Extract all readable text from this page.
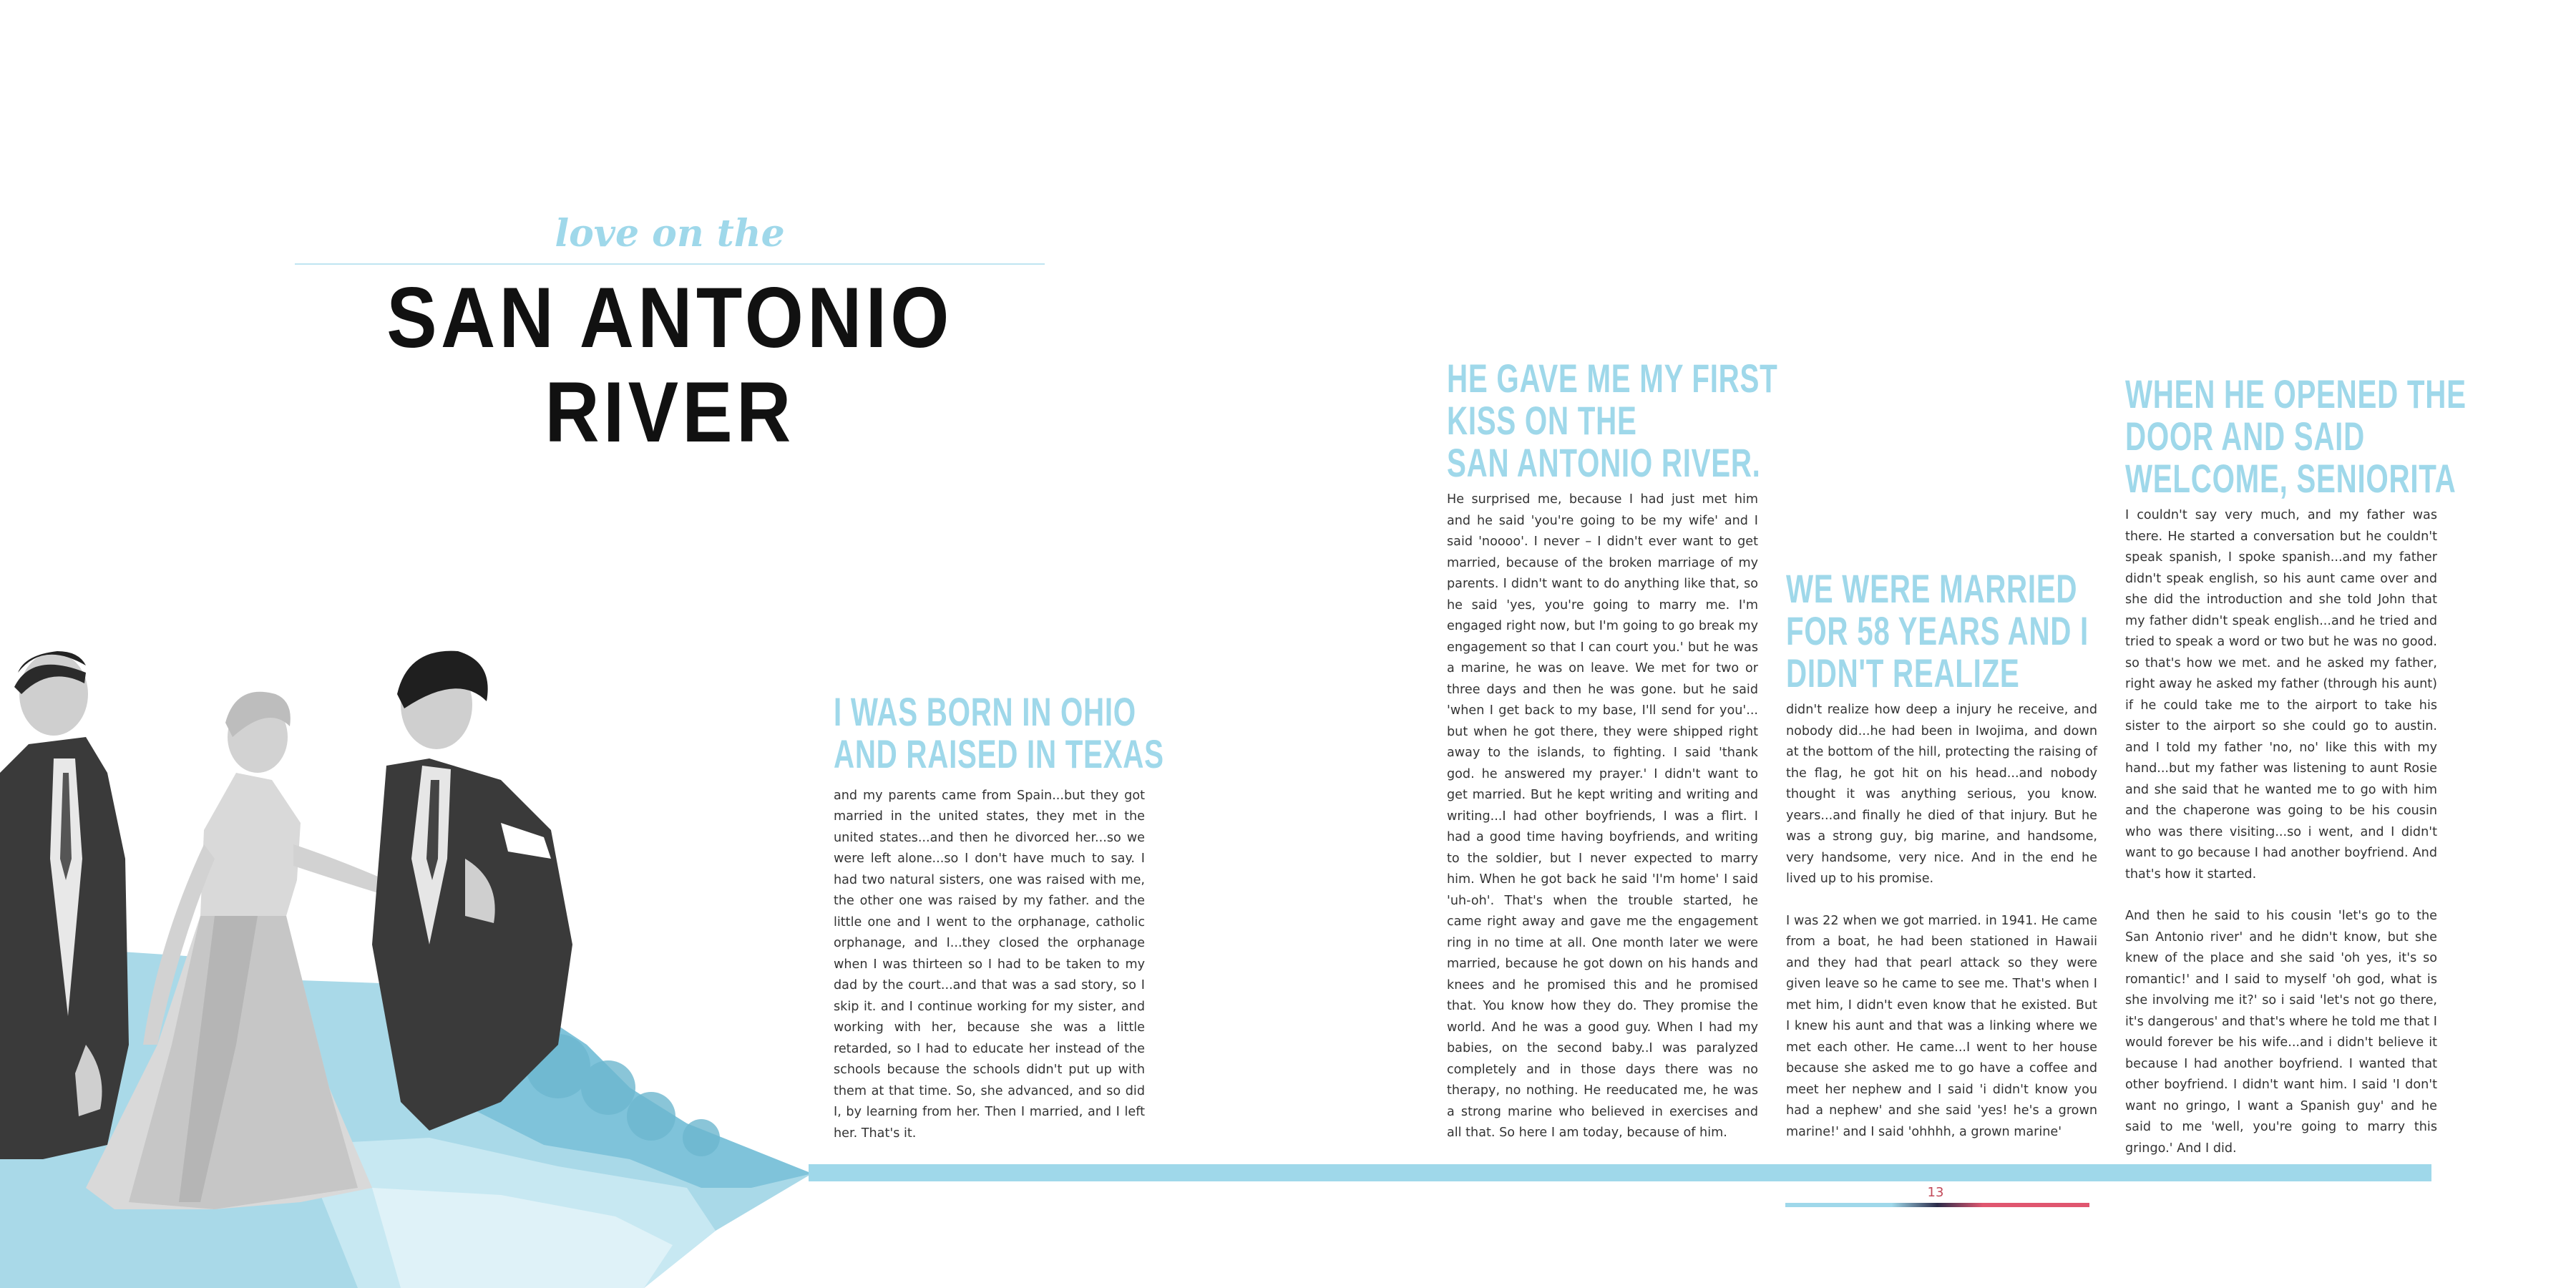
love on the
SAN ANTONIO RIVER
I WAS BORN IN OHIO
AND RAISED IN TEXAS

and my parents came from Spain...but they got married in the united states, they met in the united states...and then he divorced her...so we were left alone...so I don't have much to say. I had two natural sisters, one was raised with me, the other one was raised by my father. and the little one and I went to the orphanage, catholic orphanage, and I...they closed the orphanage when I was thirteen so I had to be taken to my dad by the court...and that was a sad story, so I skip it. and I continue working for my sister, and working with her, because she was a little retarded, so I had to educate her instead of the schools because the schools didn't put up with them at that time. So, she advanced, and so did I, by learning from her. Then I married, and I left her. That's it.

HE GAVE ME MY FIRST
KISS ON THE
SAN ANTONIO RIVER.

He surprised me, because I had just met him and he said 'you're going to be my wife' and I said 'noooo'. I never – I didn't ever want to get married, because of the broken marriage of my parents. I didn't want to do anything like that, so he said 'yes, you're going to marry me. I'm engaged right now, but I'm going to go break my engagement so that I can court you.' but he was a marine, he was on leave. We met for two or three days and then he was gone. but he said 'when I get back to my base, I'll send for you'... but when he got there, they were shipped right away to the islands, to fighting. I said 'thank god. he answered my prayer.' I didn't want to get married. But he kept writing and writing and writing...I had other boyfriends, I was a flirt. I had a good time having boyfriends, and writing to the soldier, but I never expected to marry him. When he got back he said 'I'm home' I said 'uh-oh'. That's when the trouble started, he came right away and gave me the engagement ring in no time at all. One month later we were married, because he got down on his hands and knees and he promised this and he promised that. You know how they do. They promise the world. And he was a good guy. When I had my babies, on the second baby..I was paralyzed completely and in those days there was no therapy, no nothing. He reeducated me, he was a strong marine who believed in exercises and all that. So here I am today, because of him.

WE WERE MARRIED
FOR 58 YEARS AND I
DIDN'T REALIZE

didn't realize how deep a injury he receive, and nobody did...he had been in Iwojima, and down at the bottom of the hill, protecting the raising of the flag, he got hit on his head...and nobody thought it was anything serious, you know. years...and finally he died of that injury. But he was a strong guy, big marine, and handsome, very handsome, very nice. And in the end he lived up to his promise.

I was 22 when we got married. in 1941. He came from a boat, he had been stationed in Hawaii and they had that pearl attack so they were given leave so he came to see me. That's when I met him, I didn't even know that he existed. But I knew his aunt and that was a linking where we met each other. He came...I went to her house because she asked me to go have a coffee and meet her nephew and I said 'i didn't know you had a nephew' and she said 'yes! he's a grown marine!' and I said 'ohhhh, a grown marine'

WHEN HE OPENED THE
DOOR AND SAID
WELCOME, SENIORITA

I couldn't say very much, and my father was there. He started a conversation but he couldn't speak spanish, I spoke spanish...and my father didn't speak english, so his aunt came over and she did the introduction and she told John that my father didn't speak english...and he tried and tried to speak a word or two but he was no good. so that's how we met. and he asked my father, right away he asked my father (through his aunt) if he could take me to the airport to take his sister to the airport so she could go to austin. and I told my father 'no, no' like this with my hand...but my father was listening to aunt Rosie and she said that he wanted me to go with him and the chaperone was going to be his cousin who was there visiting...so i went, and I didn't want to go because I had another boyfriend. And that's how it started.

And then he said to his cousin 'let's go to the San Antonio river' and he didn't know, but she knew of the place and she said 'oh yes, it's so romantic!' and I said to myself 'oh god, what is she involving me it?' so i said 'let's not go there, it's dangerous' and that's where he told me that I would forever be his wife...and i didn't believe it because I had another boyfriend. I wanted that other boyfriend. I didn't want him. I said 'I don't want no gringo, I want a Spanish guy' and he said to me 'well, you're going to marry this gringo.' And I did.

13
